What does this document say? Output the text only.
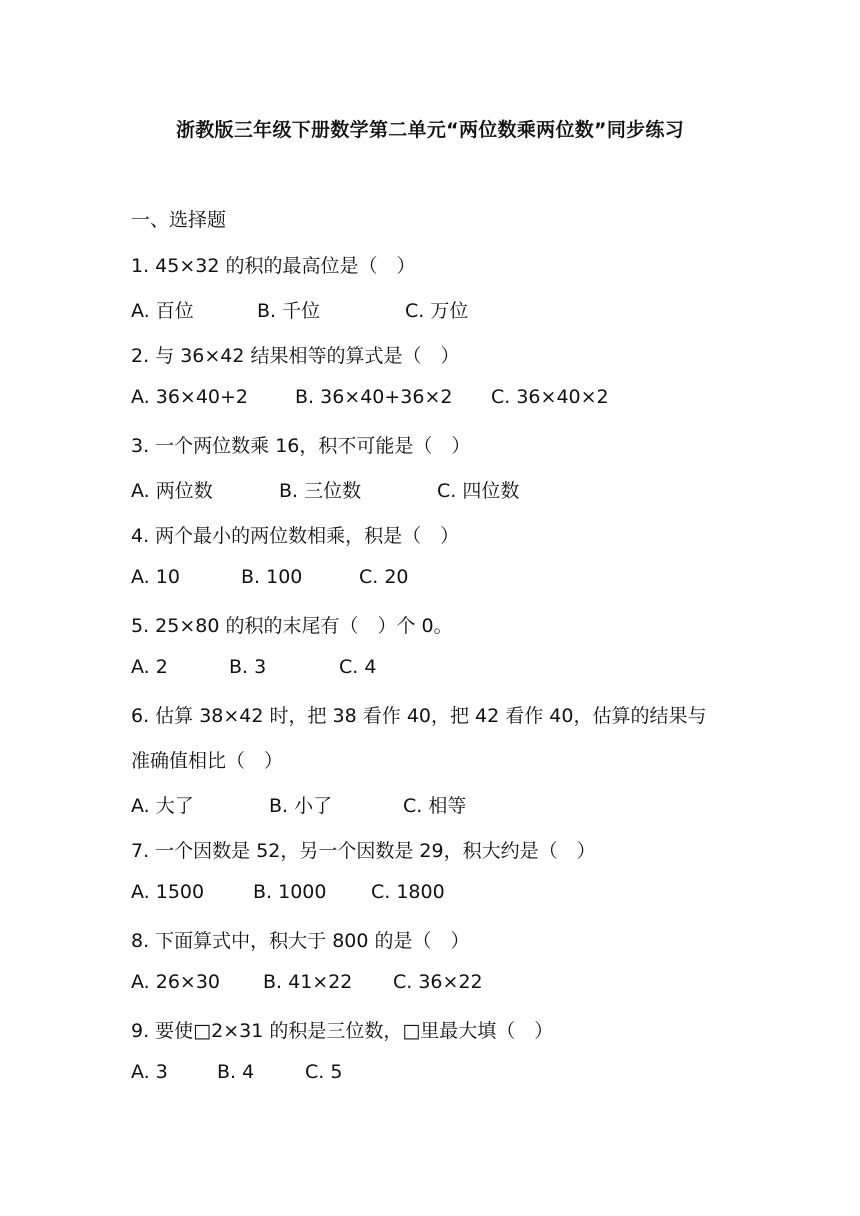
浙教版三年级下册数学第二单元“两位数乘两位数”同步练习
一、选择题
1. 45×32 的积的最高位是（　）
A. 百位	B. 千位	C. 万位
2. 与 36×42 结果相等的算式是（　）
A. 36×40+2 B. 36×40+36×2 C. 36×40×2
3. 一个两位数乘 16，积不可能是（　）
A. 两位数	B. 三位数	C. 四位数
4. 两个最小的两位数相乘，积是（　）
A. 10	B. 100	C. 20
5. 25×80 的积的末尾有（　）个 0。
A. 2	B. 3	C. 4
6. 估算 38×42 时，把 38 看作 40，把 42 看作 40，估算的结果与
准确值相比（　）
A. 大了	B. 小了	C. 相等
7. 一个因数是 52，另一个因数是 29，积大约是（　）
A. 1500	B. 1000 C. 1800
8. 下面算式中，积大于 800 的是（　）
A. 26×30 B. 41×22 C. 36×22
9. 要使□2×31 的积是三位数，□里最大填（　）
A. 3	B. 4	C. 5
